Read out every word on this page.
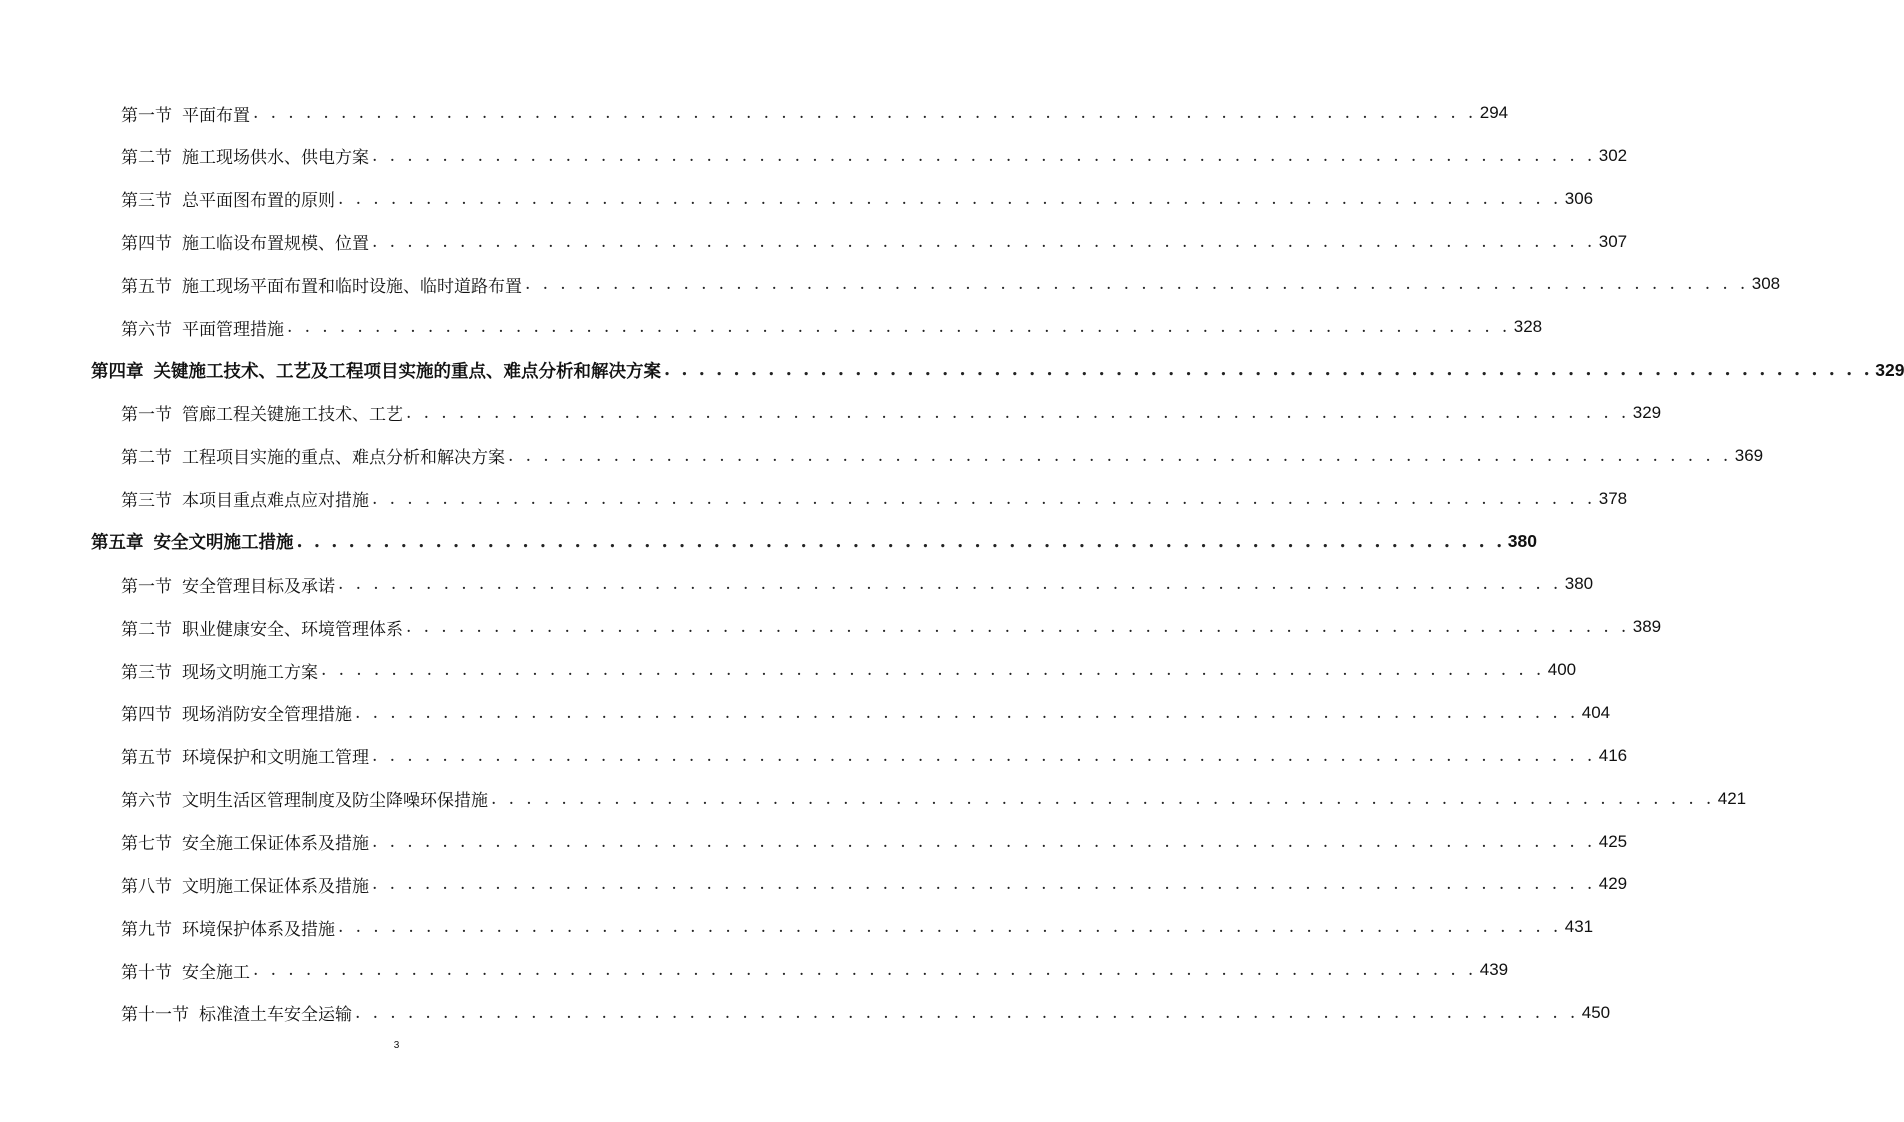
第一节 平面布置 . . . . . . . . . . . . . . . . . . . . . . . . . . . . . . . . . . . . . . . . . . . . . . . . . . . . . . . . . . . . . . . . . . . . . . 294
第二节 施工现场供水、供电方案 . . . . . . . . . . . . . . . . . . . . . . . . . . . . . . . . . . . . . . . . . . . . . . . . . . . . . . . . . . . . . . . . . . . . . . 302
第三节 总平面图布置的原则 . . . . . . . . . . . . . . . . . . . . . . . . . . . . . . . . . . . . . . . . . . . . . . . . . . . . . . . . . . . . . . . . . . . . . . 306
第四节 施工临设布置规模、位置 . . . . . . . . . . . . . . . . . . . . . . . . . . . . . . . . . . . . . . . . . . . . . . . . . . . . . . . . . . . . . . . . . . . . . . 307
第五节 施工现场平面布置和临时设施、临时道路布置 . . . . . . . . . . . . . . . . . . . . . . . . . . . . . . . . . . . . . . . . . . . . . . . . . . . . . . . . . . . . . . . . . . . . . . 308
第六节 平面管理措施 . . . . . . . . . . . . . . . . . . . . . . . . . . . . . . . . . . . . . . . . . . . . . . . . . . . . . . . . . . . . . . . . . . . . . . 328
第四章 关键施工技术、工艺及工程项目实施的重点、难点分析和解决方案 . . . . . . . . . . . . . . . . . . . . . . . . . . . . . . . . . . . . . . . . . . . . . . . . . . . . . . . . . . . . . . . . . . . . . . 329
第一节 管廊工程关键施工技术、工艺 . . . . . . . . . . . . . . . . . . . . . . . . . . . . . . . . . . . . . . . . . . . . . . . . . . . . . . . . . . . . . . . . . . . . . . 329
第二节 工程项目实施的重点、难点分析和解决方案 . . . . . . . . . . . . . . . . . . . . . . . . . . . . . . . . . . . . . . . . . . . . . . . . . . . . . . . . . . . . . . . . . . . . . . 369
第三节 本项目重点难点应对措施 . . . . . . . . . . . . . . . . . . . . . . . . . . . . . . . . . . . . . . . . . . . . . . . . . . . . . . . . . . . . . . . . . . . . . . 378
第五章 安全文明施工措施 . . . . . . . . . . . . . . . . . . . . . . . . . . . . . . . . . . . . . . . . . . . . . . . . . . . . . . . . . . . . . . . . . . . . . . 380
第一节 安全管理目标及承诺 . . . . . . . . . . . . . . . . . . . . . . . . . . . . . . . . . . . . . . . . . . . . . . . . . . . . . . . . . . . . . . . . . . . . . . 380
第二节 职业健康安全、环境管理体系 . . . . . . . . . . . . . . . . . . . . . . . . . . . . . . . . . . . . . . . . . . . . . . . . . . . . . . . . . . . . . . . . . . . . . . 389
第三节 现场文明施工方案 . . . . . . . . . . . . . . . . . . . . . . . . . . . . . . . . . . . . . . . . . . . . . . . . . . . . . . . . . . . . . . . . . . . . . . 400
第四节 现场消防安全管理措施 . . . . . . . . . . . . . . . . . . . . . . . . . . . . . . . . . . . . . . . . . . . . . . . . . . . . . . . . . . . . . . . . . . . . . . 404
第五节 环境保护和文明施工管理 . . . . . . . . . . . . . . . . . . . . . . . . . . . . . . . . . . . . . . . . . . . . . . . . . . . . . . . . . . . . . . . . . . . . . . 416
第六节 文明生活区管理制度及防尘降噪环保措施 . . . . . . . . . . . . . . . . . . . . . . . . . . . . . . . . . . . . . . . . . . . . . . . . . . . . . . . . . . . . . . . . . . . . . . 421
第七节 安全施工保证体系及措施 . . . . . . . . . . . . . . . . . . . . . . . . . . . . . . . . . . . . . . . . . . . . . . . . . . . . . . . . . . . . . . . . . . . . . . 425
第八节 文明施工保证体系及措施 . . . . . . . . . . . . . . . . . . . . . . . . . . . . . . . . . . . . . . . . . . . . . . . . . . . . . . . . . . . . . . . . . . . . . . 429
第九节 环境保护体系及措施 . . . . . . . . . . . . . . . . . . . . . . . . . . . . . . . . . . . . . . . . . . . . . . . . . . . . . . . . . . . . . . . . . . . . . . 431
第十节 安全施工 . . . . . . . . . . . . . . . . . . . . . . . . . . . . . . . . . . . . . . . . . . . . . . . . . . . . . . . . . . . . . . . . . . . . . . 439
第十一节 标准渣土车安全运输 . . . . . . . . . . . . . . . . . . . . . . . . . . . . . . . . . . . . . . . . . . . . . . . . . . . . . . . . . . . . . . . . . . . . . . 450
3
